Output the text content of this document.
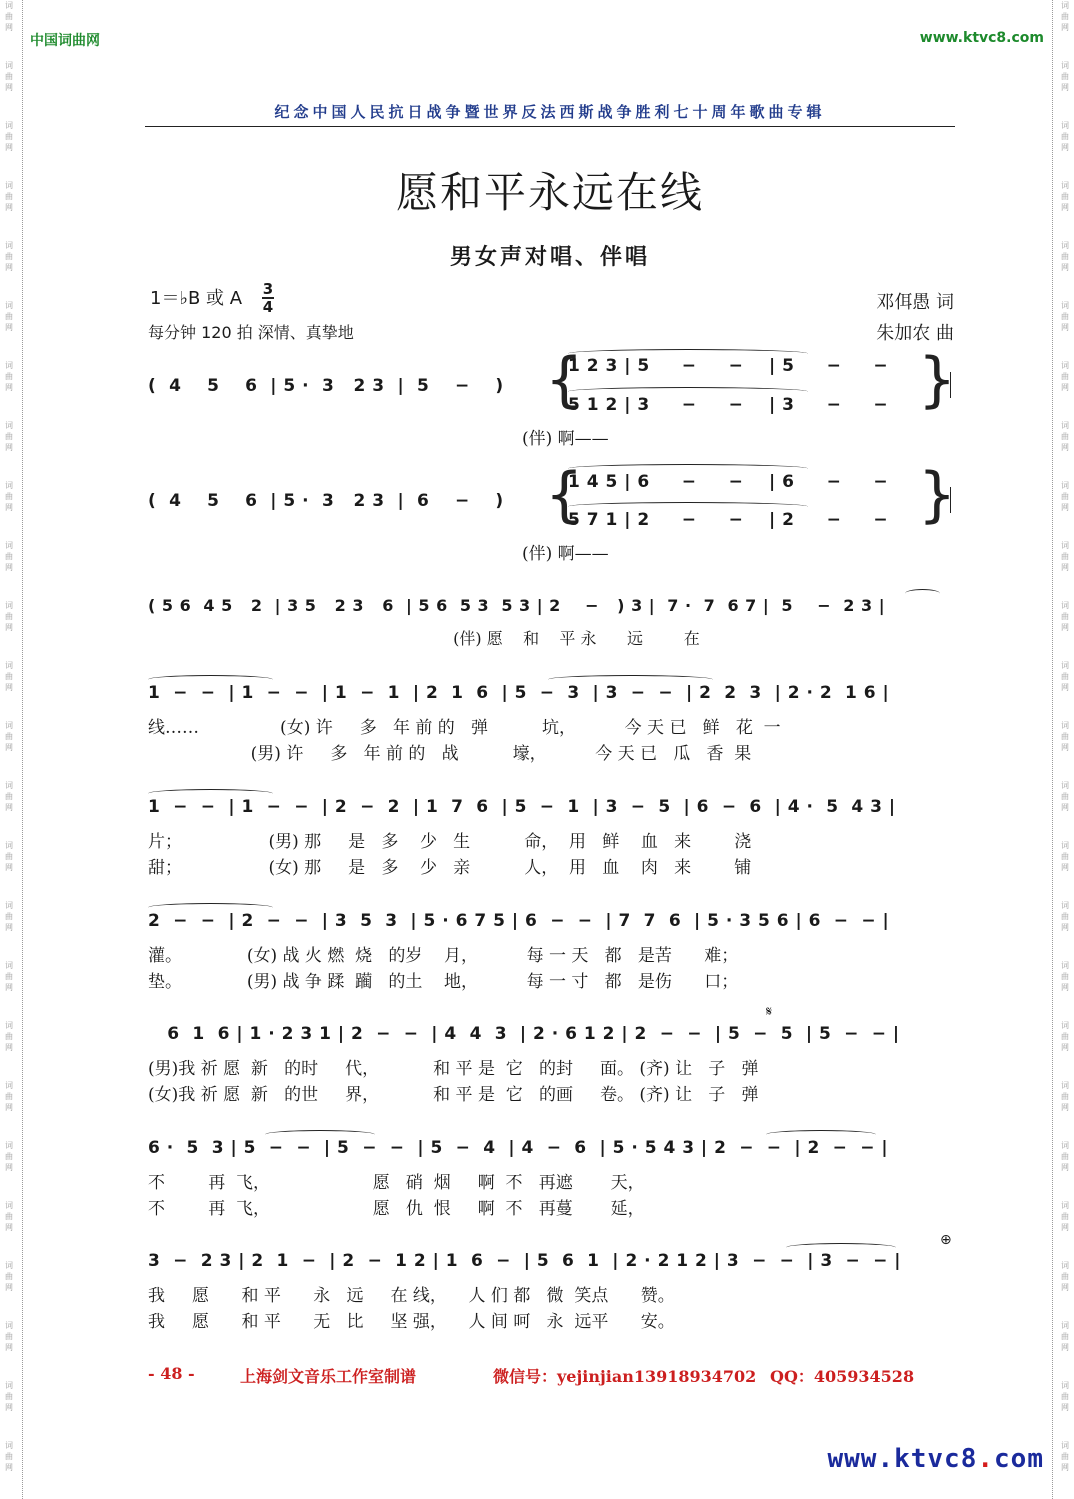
词
曲
网
词
曲
网
词
曲
网
词
曲
网
词
曲
网
词
曲
网
词
曲
网
词
曲
网
词
曲
网
词
曲
网
词
曲
网
词
曲
网
词
曲
网
词
曲
网
词
曲
网
词
曲
网
词
曲
网
词
曲
网
词
曲
网
词
曲
网
词
曲
网
词
曲
网
词
曲
网
词
曲
网
词
曲
网
词
曲
网
词
曲
网
词
曲
网
词
曲
网
词
曲
网
词
曲
网
词
曲
网
词
曲
网
词
曲
网
词
曲
网
词
曲
网
词
曲
网
词
曲
网
词
曲
网
词
曲
网
词
曲
网
词
曲
网
词
曲
网
词
曲
网
词
曲
网
词
曲
网
词
曲
网
词
曲
网
词
曲
网
词
曲
网
中国词曲网	www.ktvc8.com
纪念中国人民抗日战争暨世界反法西斯战争胜利七十周年歌曲专辑
愿和平永远在线
男女声对唱、伴唱
1＝♭B 或 A 3
4
每分钟 120 拍 深情、真挚地
邓佴愚 词
朱加农 曲
(  4    5    6  | 5 ·  3   2 3  |  5    −    ) {
1 2 3 | 5     −     −    | 5     −     −
5 1 2 | 3     −     −    | 3     −     − }
(伴) 啊——
(  4    5    6  | 5 ·  3   2 3  |  6    −    ) {
1 4 5 | 6     −     −    | 6     −     −
5 7 1 | 2     −     −    | 2     −     − }
(伴) 啊——
( 5 6  4 5   2  | 3 5   2 3   6  | 5 6  5 3  5 3 | 2    −   ) 3 |  7 ·  7  6 7 |  5    −  2 3 |
(伴) 愿    和    平 永      远        在
1  −  −  | 1  −  −  | 1  −  1  | 2  1  6  | 5  −  3  | 3  −  −  | 2  2  3  | 2 · 2  1 6 |
线……               (女) 许     多   年 前 的   弹          坑，         今 天 已   鲜   花  一
(男) 许     多   年 前 的   战          壕，         今 天 已   瓜   香  果
1  −  −  | 1  −  −  | 2  −  2  | 1  7  6  | 5  −  1  | 3  −  5  | 6  −  6  | 4 ·  5  4 3 |
片；                (男) 那     是   多    少   生          命，  用   鲜    血   来        浇
甜；                (女) 那     是   多    少   亲          人，  用   血    肉   来        铺
2  −  −  | 2  −  −  | 3  5  3  | 5 · 6 7 5 | 6  −  −  | 7  7  6  | 5 · 3 5 6 | 6  −  − |
灌。            (女) 战 火 燃  烧   的岁    月，         每 一 天   都   是苦      难；
垫。            (男) 战 争 蹂  躏   的土    地，         每 一 寸   都   是伤      口；
𝄋
6  1  6 | 1 · 2 3 1 | 2  −  −  | 4  4  3  | 2 · 6 1 2 | 2  −  −  | 5  −  5  | 5  −  − |
(男)我 祈 愿  新   的时     代，          和 平 是  它   的封     面。 (齐) 让   子   弹
(女)我 祈 愿  新   的世     界，          和 平 是  它   的画     卷。 (齐) 让   子   弹
6 ·  5  3 | 5  −  −  | 5  −  −  | 5  −  4  | 4  −  6  | 5 · 5 4 3 | 2  −  −  | 2  −  − |
不        再  飞，                   愿   硝  烟     啊  不   再遮       天，
不        再  飞，                   愿   仇  恨     啊  不   再蔓       延，
⊕
3  −  2 3 | 2  1  −  | 2  −  1 2 | 1  6  −  | 5  6  1  | 2 · 2 1 2 | 3  −  −  | 3  −  − |
我     愿      和 平      永   远     在 线，    人 们 都   微  笑点      赞。
我     愿      和 平      无   比     坚 强，    人 间 呵   永  远平      安。
- 48 -	上海剑文音乐工作室制谱	微信号：yejinjian13918934702 QQ：405934528
www.ktvc8.com
